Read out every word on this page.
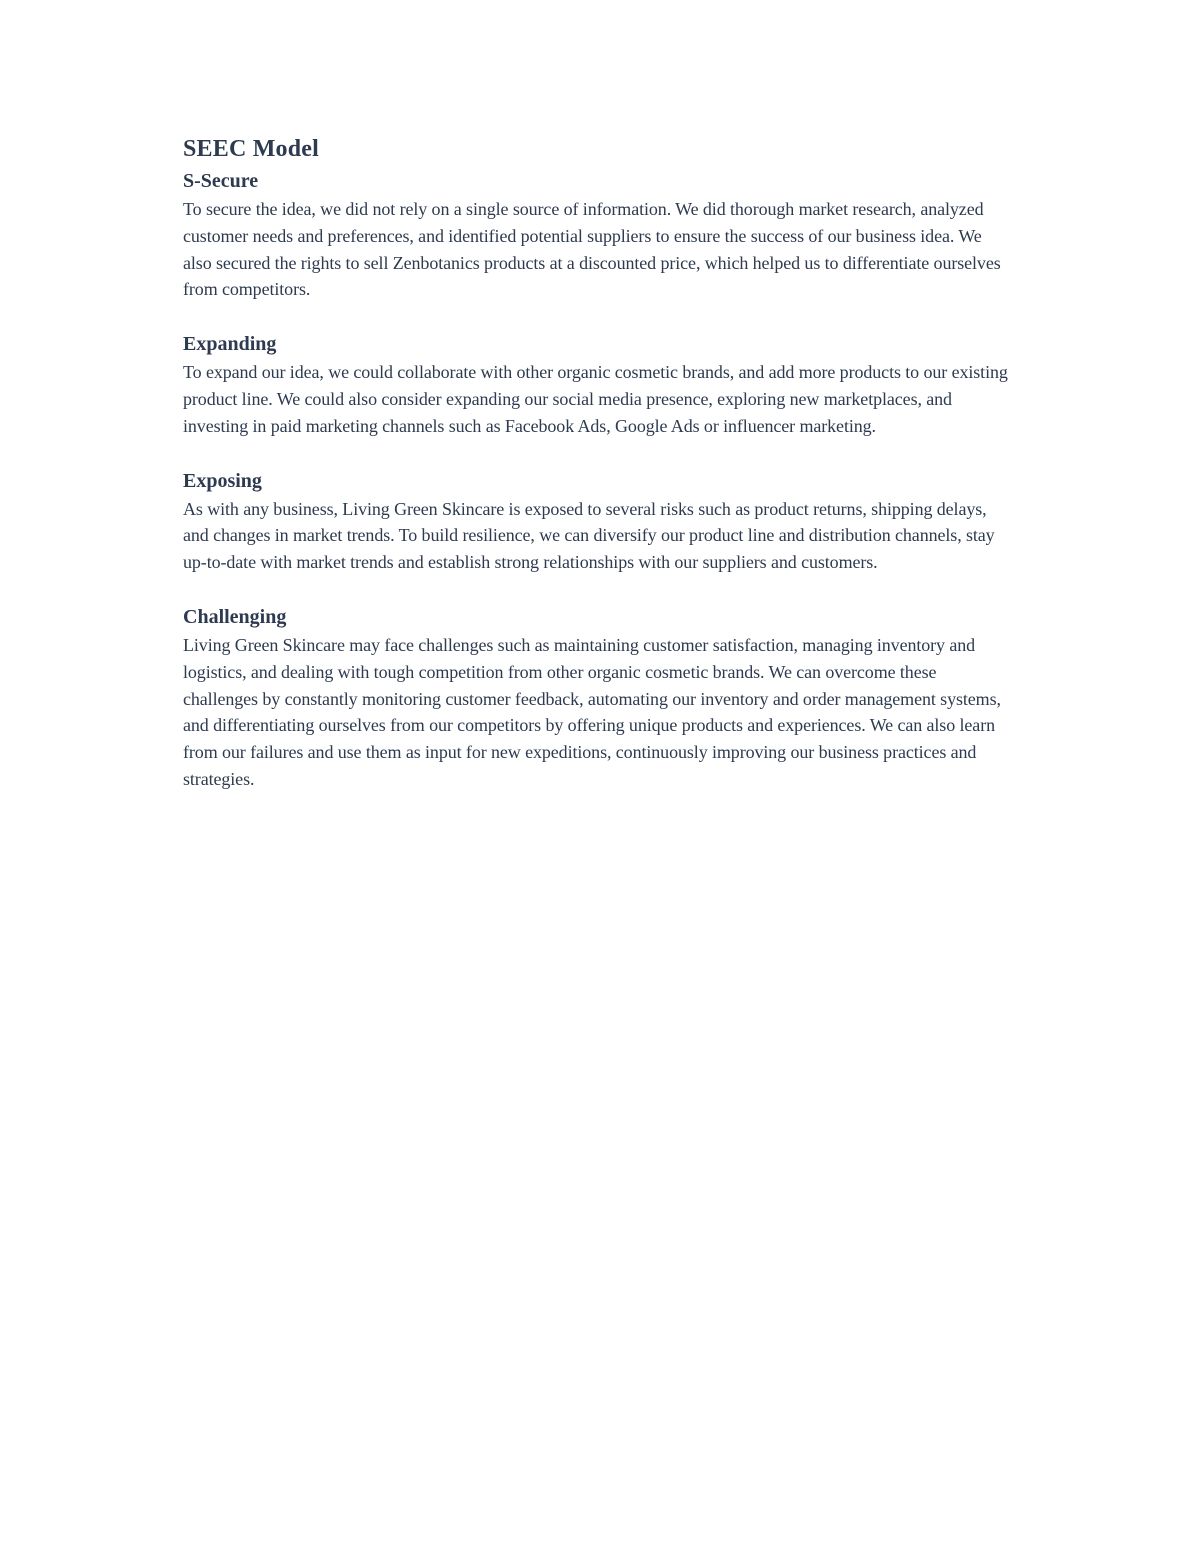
SEEC Model
S-Secure

To secure the idea, we did not rely on a single source of information. We did thorough market research, analyzed customer needs and preferences, and identified potential suppliers to ensure the success of our business idea. We also secured the rights to sell Zenbotanics products at a discounted price, which helped us to differentiate ourselves from competitors.

Expanding

To expand our idea, we could collaborate with other organic cosmetic brands, and add more products to our existing product line. We could also consider expanding our social media presence, exploring new marketplaces, and investing in paid marketing channels such as Facebook Ads, Google Ads or influencer marketing.

Exposing

As with any business, Living Green Skincare is exposed to several risks such as product returns, shipping delays, and changes in market trends. To build resilience, we can diversify our product line and distribution channels, stay up-to-date with market trends and establish strong relationships with our suppliers and customers.

Challenging

Living Green Skincare may face challenges such as maintaining customer satisfaction, managing inventory and logistics, and dealing with tough competition from other organic cosmetic brands. We can overcome these challenges by constantly monitoring customer feedback, automating our inventory and order management systems, and differentiating ourselves from our competitors by offering unique products and experiences. We can also learn from our failures and use them as input for new expeditions, continuously improving our business practices and strategies.
